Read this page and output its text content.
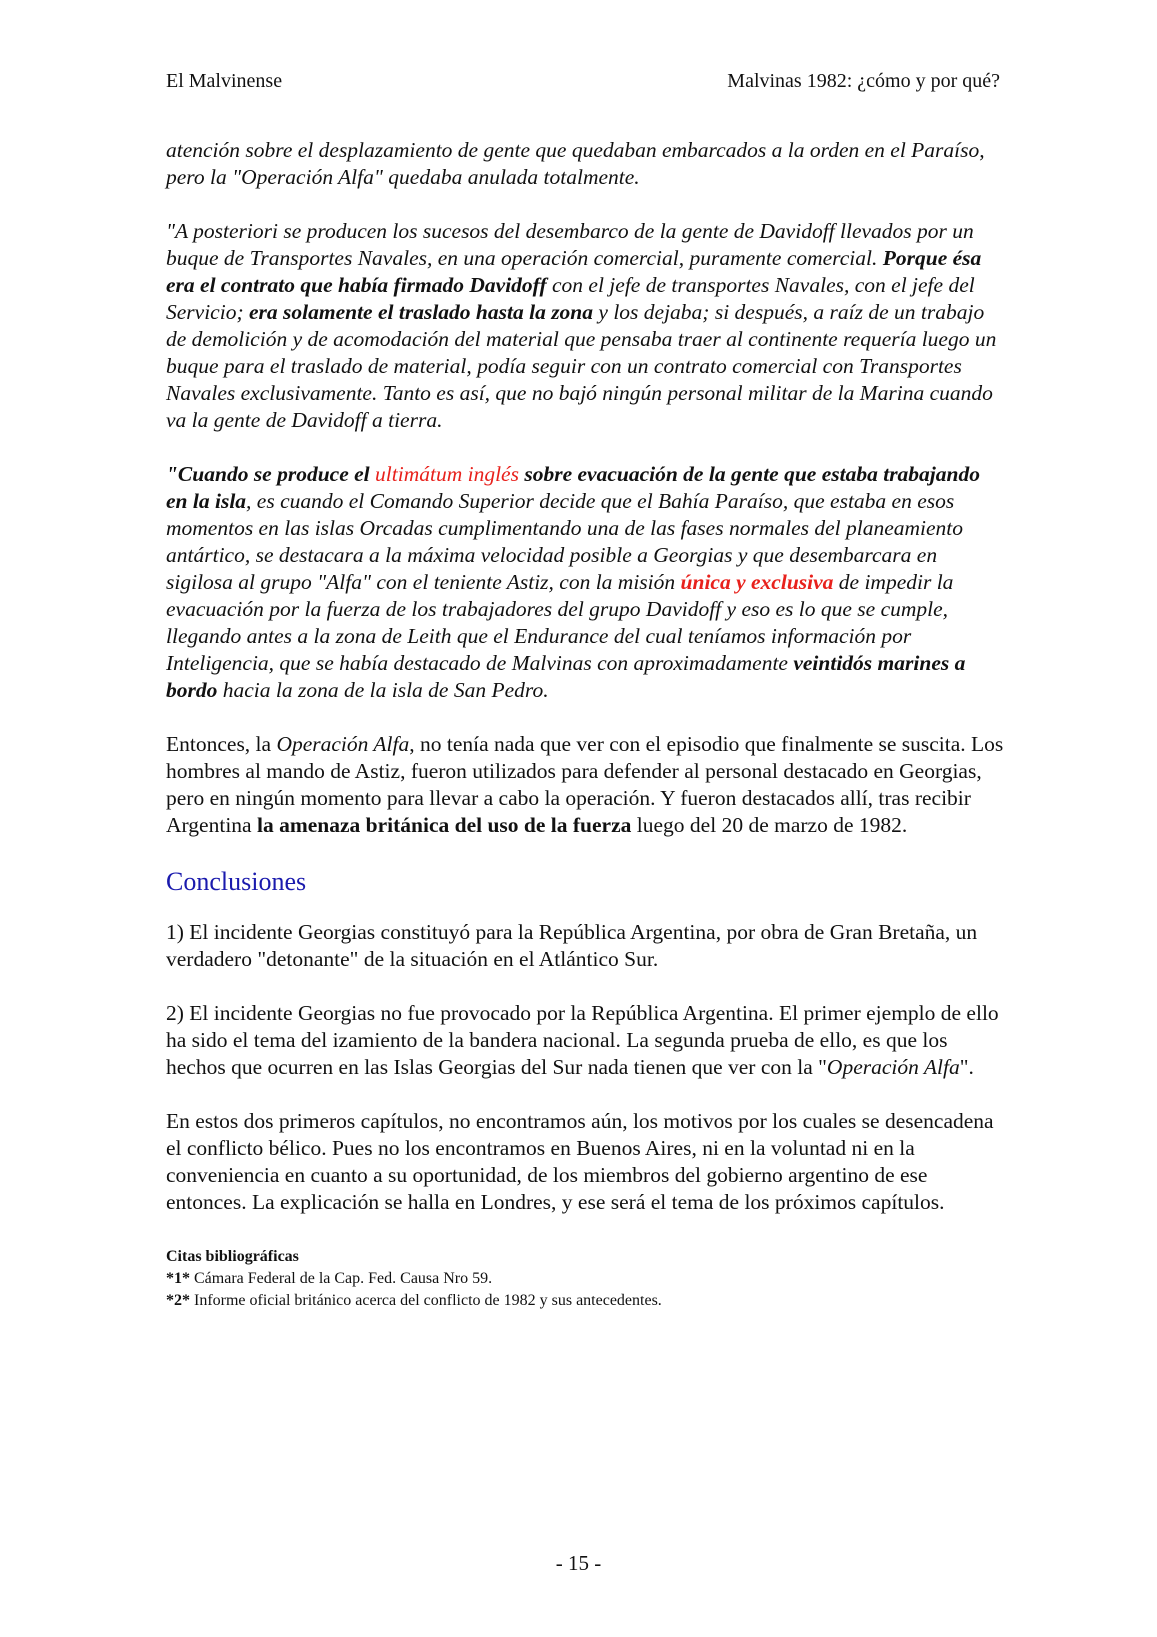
El Malvinense	Malvinas 1982: ¿cómo y por qué?

atención sobre el desplazamiento de gente que quedaban embarcados a la orden en el Paraíso, pero la "Operación Alfa" quedaba anulada totalmente.

"A posteriori se producen los sucesos del desembarco de la gente de Davidoff llevados por un buque de Transportes Navales, en una operación comercial, puramente comercial. Porque ésa era el contrato que había firmado Davidoff con el jefe de transportes Navales, con el jefe del Servicio; era solamente el traslado hasta la zona y los dejaba; si después, a raíz de un trabajo de demolición y de acomodación del material que pensaba traer al continente requería luego un buque para el traslado de material, podía seguir con un contrato comercial con Transportes Navales exclusivamente. Tanto es así, que no bajó ningún personal militar de la Marina cuando va la gente de Davidoff a tierra.

"Cuando se produce el ultimátum inglés sobre evacuación de la gente que estaba trabajando en la isla, es cuando el Comando Superior decide que el Bahía Paraíso, que estaba en esos momentos en las islas Orcadas cumplimentando una de las fases normales del planeamiento antártico, se destacara a la máxima velocidad posible a Georgias y que desembarcara en sigilosa al grupo "Alfa" con el teniente Astiz, con la misión única y exclusiva de impedir la evacuación por la fuerza de los trabajadores del grupo Davidoff y eso es lo que se cumple, llegando antes a la zona de Leith que el Endurance del cual teníamos información por Inteligencia, que se había destacado de Malvinas con aproximadamente veintidós marines a bordo hacia la zona de la isla de San Pedro.

Entonces, la Operación Alfa, no tenía nada que ver con el episodio que finalmente se suscita. Los hombres al mando de Astiz, fueron utilizados para defender al personal destacado en Georgias, pero en ningún momento para llevar a cabo la operación. Y fueron destacados allí, tras recibir Argentina la amenaza británica del uso de la fuerza luego del 20 de marzo de 1982.

Conclusiones

1) El incidente Georgias constituyó para la República Argentina, por obra de Gran Bretaña, un verdadero "detonante" de la situación en el Atlántico Sur.

2) El incidente Georgias no fue provocado por la República Argentina. El primer ejemplo de ello ha sido el tema del izamiento de la bandera nacional. La segunda prueba de ello, es que los hechos que ocurren en las Islas Georgias del Sur nada tienen que ver con la "Operación Alfa".

En estos dos primeros capítulos, no encontramos aún, los motivos por los cuales se desencadena el conflicto bélico. Pues no los encontramos en Buenos Aires, ni en la voluntad ni en la conveniencia en cuanto a su oportunidad, de los miembros del gobierno argentino de ese entonces. La explicación se halla en Londres, y ese será el tema de los próximos capítulos.

Citas bibliográficas
*1* Cámara Federal de la Cap. Fed. Causa Nro 59.
*2* Informe oficial británico acerca del conflicto de 1982 y sus antecedentes.
- 15 -
